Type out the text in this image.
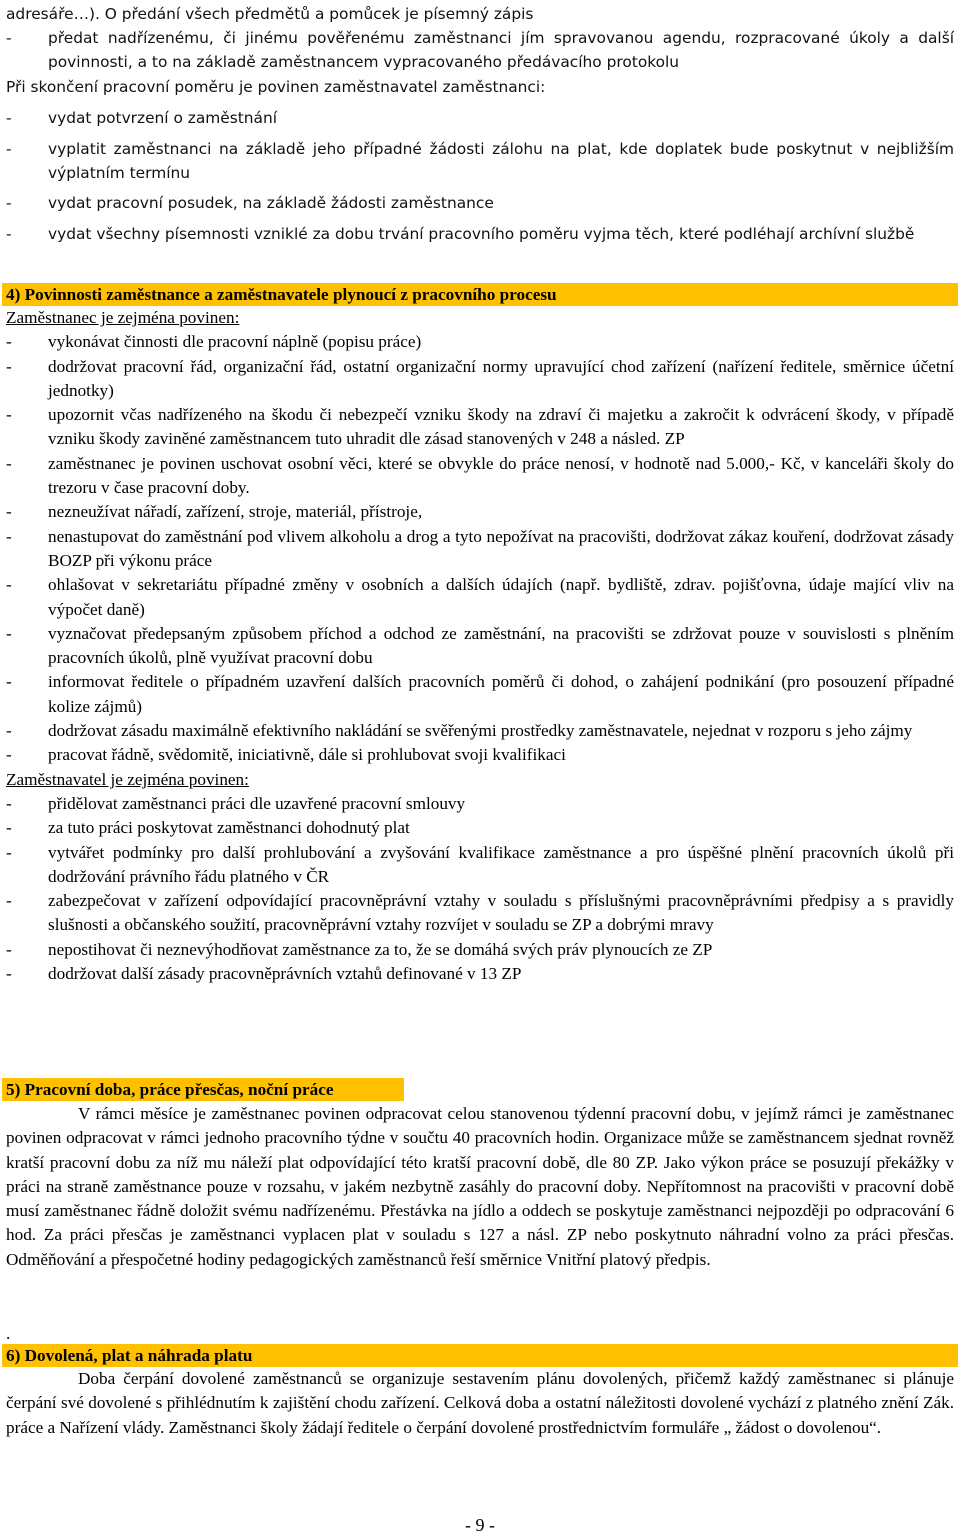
adresáře…). O předání všech předmětů a pomůcek je písemný zápis
-	předat nadřízenému, či jinému pověřenému zaměstnanci jím spravovanou agendu, rozpracované úkoly a další povinnosti, a to na základě zaměstnancem vypracovaného předávacího protokolu
Při skončení pracovní poměru je povinen zaměstnavatel zaměstnanci:
-	vydat potvrzení o zaměstnání
-	vyplatit zaměstnanci na základě jeho případné žádosti zálohu na plat, kde doplatek bude poskytnut v nejbližším výplatním termínu
-	vydat pracovní posudek, na základě žádosti zaměstnance
-	vydat všechny písemnosti vzniklé za dobu trvání pracovního poměru vyjma těch, které podléhají archívní službě
4) Povinnosti zaměstnance a zaměstnavatele plynoucí z pracovního procesu
Zaměstnanec je zejména povinen:
-	vykonávat činnosti dle pracovní náplně (popisu práce)
-	dodržovat pracovní řád, organizační řád, ostatní organizační normy upravující chod zařízení (nařízení ředitele, směrnice účetní jednotky)
-	upozornit včas nadřízeného na škodu či nebezpečí vzniku škody na zdraví či majetku a zakročit k odvrácení škody, v případě vzniku škody zaviněné zaměstnancem tuto uhradit dle zásad stanovených v 248 a násled. ZP
-	zaměstnanec je povinen uschovat osobní věci, které se obvykle do práce nenosí, v hodnotě nad 5.000,- Kč, v kanceláři školy do trezoru v čase pracovní doby.
-	nezneužívat nářadí, zařízení, stroje, materiál, přístroje,
-	nenastupovat do zaměstnání pod vlivem alkoholu a drog a tyto nepožívat na pracovišti, dodržovat zákaz kouření, dodržovat zásady BOZP při výkonu práce
-	ohlašovat v sekretariátu případné změny v osobních a dalších údajích (např. bydliště, zdrav. pojišťovna, údaje mající vliv na výpočet daně)
-	vyznačovat předepsaným způsobem příchod a odchod ze zaměstnání, na pracovišti se zdržovat pouze v souvislosti s plněním pracovních úkolů, plně využívat pracovní dobu
-	informovat ředitele o případném uzavření dalších pracovních poměrů či dohod, o zahájení podnikání (pro posouzení případné kolize zájmů)
-	dodržovat zásadu maximálně efektivního nakládání se svěřenými prostředky zaměstnavatele, nejednat v rozporu s jeho zájmy
-	pracovat řádně, svědomitě, iniciativně, dále si prohlubovat svoji kvalifikaci
Zaměstnavatel je zejména povinen:
-	přidělovat zaměstnanci práci dle uzavřené pracovní smlouvy
-	za tuto práci poskytovat zaměstnanci dohodnutý plat
-	vytvářet podmínky pro další prohlubování a zvyšování kvalifikace zaměstnance a pro úspěšné plnění pracovních úkolů při dodržování právního řádu platného v ČR
-	zabezpečovat v zařízení odpovídající pracovněprávní vztahy v souladu s příslušnými pracovněprávními předpisy a s pravidly slušnosti a občanského soužití, pracovněprávní vztahy rozvíjet v souladu se ZP a dobrými mravy
-	nepostihovat či neznevýhodňovat zaměstnance za to, že se domáhá svých práv plynoucích ze ZP
-	dodržovat další zásady pracovněprávních vztahů definované v 13 ZP
5) Pracovní doba, práce přesčas, noční práce
V rámci měsíce je zaměstnanec povinen odpracovat celou stanovenou týdenní pracovní dobu, v jejímž rámci je zaměstnanec povinen odpracovat v rámci jednoho pracovního týdne v součtu 40 pracovních hodin. Organizace může se zaměstnancem sjednat rovněž kratší pracovní dobu za níž mu náleží plat odpovídající této kratší pracovní době, dle 80 ZP. Jako výkon práce se posuzují překážky v práci na straně zaměstnance pouze v rozsahu, v jakém nezbytně zasáhly do pracovní doby. Nepřítomnost na pracovišti v pracovní době musí zaměstnanec řádně doložit svému nadřízenému. Přestávka na jídlo a oddech se poskytuje zaměstnanci nejpozději po odpracování 6 hod. Za práci přesčas je zaměstnanci vyplacen plat v souladu s 127 a násl. ZP nebo poskytnuto náhradní volno za práci přesčas. Odměňování a přespočetné hodiny pedagogických zaměstnanců řeší směrnice Vnitřní platový předpis.
.
6) Dovolená, plat a náhrada platu
Doba čerpání dovolené zaměstnanců se organizuje sestavením plánu dovolených, přičemž každý zaměstnanec si plánuje čerpání své dovolené s přihlédnutím k zajištění chodu zařízení. Celková doba a ostatní náležitosti dovolené vychází z platného znění Zák. práce a Nařízení vlády. Zaměstnanci školy žádají ředitele o čerpání dovolené prostřednictvím formuláře „ žádost o dovolenou“.
- 9 -
